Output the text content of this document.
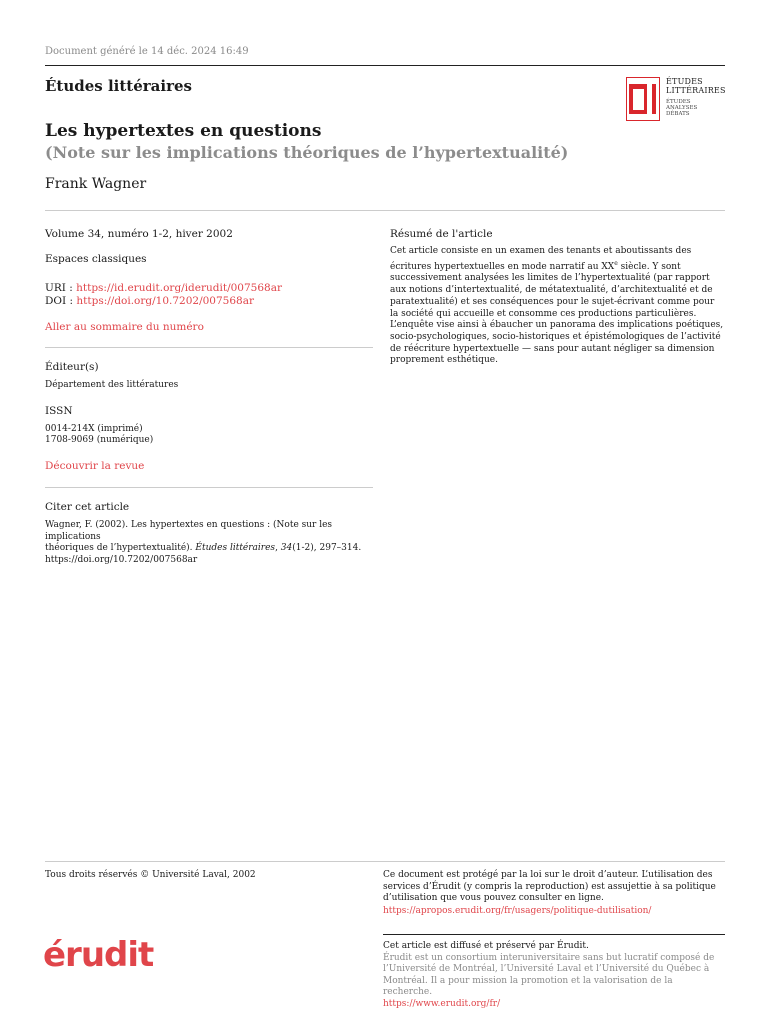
Document généré le 14 déc. 2024 16:49
Études littéraires	ÉTUDES
LITTÉRAIRES
ÉTUDES
ANALYSES
DÉBATS
Les hypertextes en questions
(Note sur les implications théoriques de l’hypertextualité)
Frank Wagner
Volume 34, numéro 1-2, hiver 2002
Espaces classiques
URI : https://id.erudit.org/iderudit/007568ar
DOI : https://doi.org/10.7202/007568ar
Aller au sommaire du numéro
Éditeur(s)
Département des littératures
ISSN
0014-214X (imprimé)
1708-9069 (numérique)
Découvrir la revue
Citer cet article
Wagner, F. (2002). Les hypertextes en questions : (Note sur les implications
théoriques de l’hypertextualité). Études littéraires, 34(1-2), 297–314.
https://doi.org/10.7202/007568ar
Résumé de l'article
Cet article consiste en un examen des tenants et aboutissants des écritures hypertextuelles en mode narratif au XXe siècle. Y sont successivement analysées les limites de l’hypertextualité (par rapport aux notions d’intertextualité, de métatextualité, d’architextualité et de paratextualité) et ses conséquences pour le sujet-écrivant comme pour la société qui accueille et consomme ces productions particulières. L’enquête vise ainsi à ébaucher un panorama des implications poétiques, socio-psychologiques, socio-historiques et épistémologiques de l’activité de réécriture hypertextuelle — sans pour autant négliger sa dimension proprement esthétique.
Tous droits réservés © Université Laval, 2002	Ce document est protégé par la loi sur le droit d’auteur. L’utilisation des services d’Érudit (y compris la reproduction) est assujettie à sa politique d’utilisation que vous pouvez consulter en ligne.
https://apropos.erudit.org/fr/usagers/politique-dutilisation/
érudit	Cet article est diffusé et préservé par Érudit.
Érudit est un consortium interuniversitaire sans but lucratif composé de l’Université de Montréal, l’Université Laval et l’Université du Québec à Montréal. Il a pour mission la promotion et la valorisation de la recherche.
https://www.erudit.org/fr/
